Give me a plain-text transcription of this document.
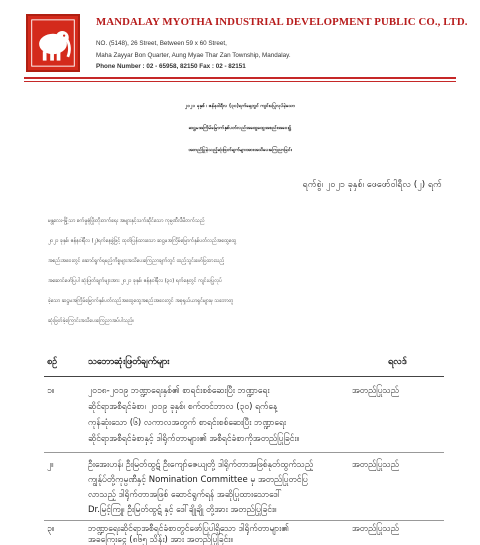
MANDALAY MYOTHA INDUSTRIAL DEVELOPMENT PUBLIC CO., LTD.
NO. (5148), 26 Street, Between 59 x 60 Street,
Maha Zayyar Bon Quarter, Aung Myae Thar Zan Township, Mandalay.
Phone Number : 02 - 65958, 82150 Fax : 02 - 82151
၂၀၂၁ ခုနှစ် ၊ ဇန်နဝါရီလ (၃၀)ရက်နေ့တွင် ကျင်းပပြုလုပ်ခဲ့သော
ဆဋ္ဌမအကြိမ်မြောက်နှစ်ပတ်လည်အထွေထွေအစည်းအဝေး၌
အတည်ပြုခဲ့သည့်ဆုံးဖြတ်ချက်များအားအသိပေးကြေညာခြင်း
ရက်စွဲ၊ ၂၀၂၁ ခုနှစ်၊ ဖေဖော်ဝါရီလ (၂) ရက်
မန္တလေး-မြို့သာ စက်မှုဇုံဖြိုးတိုးတက်ရေး အများနှင့်သက်ဆိုင်သော ကုမ္ပဏီလီမိတက်သည်
၂၀၂၁ ခုနှစ်၊ ဇန်နဝါရီလ (၂)ရက်နေ့စွဲဖြင့် ထုတ်ပြန်ထားသော ဆဋ္ဌမအကြိမ်မြောက်နှစ်ပတ်လည်အထွေထွေ
အစည်းအဝေးတွင် ဆောင်ရွက်ရမည့်ကိစ္စများအသိပေးကြေညာချက်တွင် ထည့်သွင်းဖော်ပြထားသည့်
အဆောင်ဖော်ပြပါ ဆုံးဖြတ်ချက်များအား ၂၀၂၁ ခုနှစ်၊ ဇန်နဝါရီလ (၃၀) ရက်နေ့တွင် ကျင်းပပြုလုပ်
ခဲ့သော ဆဋ္ဌမအကြိမ်မြောက်နှစ်ပတ်လည်အထွေထွေအစည်းအဝေးတွင် အစုရှယ်ယာရှင်များမှ သဘောတူ
ဆုံးဖြတ်ခဲ့ကြောင်းအသိပေးကြေညာအပ်ပါသည်။
စဉ်	သဘောဆုံးဖြတ်ချက်များ	ရလဒ်
၁။	၂၀၁၈-၂၀၁၉ ဘဏ္ဍာရေးနှစ်၏ စာရင်းစစ်ဆေးပြီး ဘဏ္ဍာရေး
ဆိုင်ရာအစီရင်ခံစာ၊ ၂၀၁၉ ခုနှစ်၊ စက်တင်ဘာလ (၃၀) ရက်နေ့
ကုန်ဆုံးသော (၆) လကာလအတွက် စာရင်းစစ်ဆေးပြီး ဘဏ္ဍာရေး
ဆိုင်ရာအစီရင်ခံစာနှင့် ဒါရိုက်တာများ၏ အစီရင်ခံစာကိုအတည်ပြုခြင်း။
အတည်ပြုသည်
၂။	ဦးအေးဟန်၊ ဦးမြတ်ထွဋ် ဦးကျော်ဇေယျတို့ ဒါရိုက်တာအဖြစ်နုတ်ထွက်သည့်
ကျွန်ုပ်တို့ကုမ္ပဏီနှင့် Nomination Committee မှ အတည်ပြုတင်ပြ
လာသည့် ဒါရိုက်တာအဖြစ် ဆောင်ရွက်ရန် အဆိုပြုထားသောဒေါ်
Dr.မြင့်ကြူ၊ ဦးမြတ်ထွဋ် နှင့် ဒေါ်ချိုချို တို့အား အတည်ပြုခြင်း။
အတည်ပြုသည်
၃။	ဘဏ္ဍာရေးဆိုင်ရာအစီရင်ခံစာတွင်ဖော်ပြပါရှိသော ဒါရိုက်တာများ၏
အခကြေးငွေ (၈၆၅ သိန်း) အား အတည်ပြုခြင်း။
အတည်ပြုသည်
